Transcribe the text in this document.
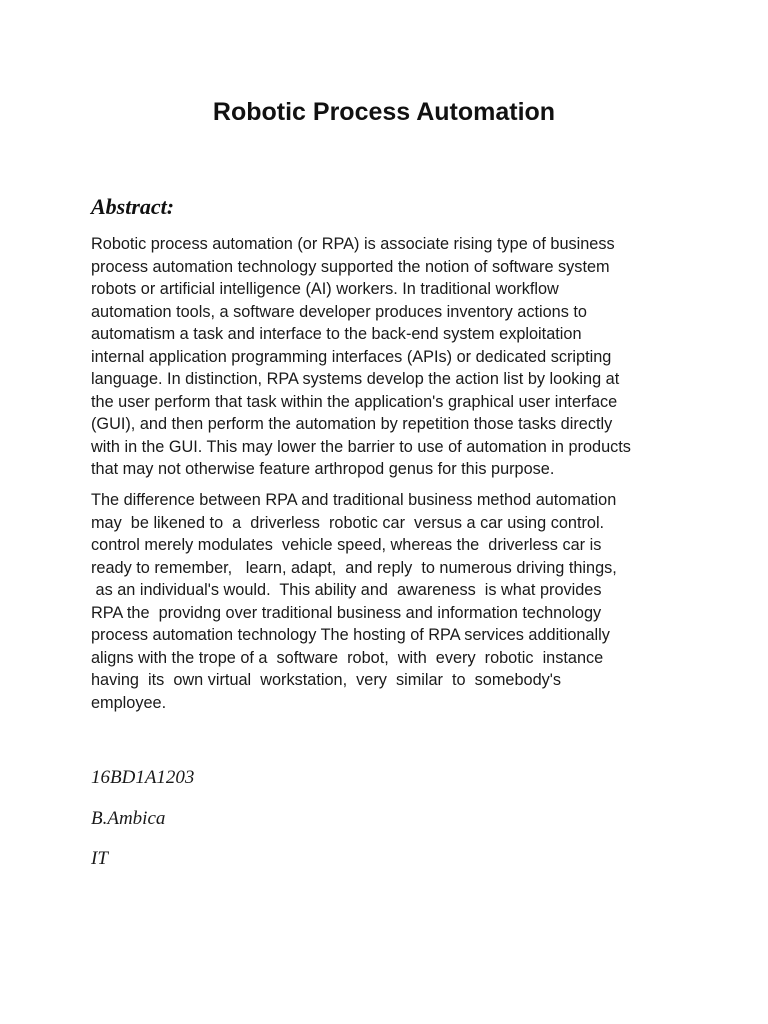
Robotic Process Automation
Abstract:

Robotic process automation (or RPA) is associate rising type of business
process automation technology supported the notion of software system
robots or artificial intelligence (AI) workers. In traditional workflow
automation tools, a software developer produces inventory actions to
automatism a task and interface to the back-end system exploitation
internal application programming interfaces (APIs) or dedicated scripting
language. In distinction, RPA systems develop the action list by looking at
the user perform that task within the application's graphical user interface
(GUI), and then perform the automation by repetition those tasks directly
with in the GUI. This may lower the barrier to use of automation in products
that may not otherwise feature arthropod genus for this purpose.

The difference between RPA and traditional business method automation
may  be likened to  a  driverless  robotic car  versus a car using control.
control merely modulates  vehicle speed, whereas the  driverless car is
ready to remember,   learn, adapt,  and reply  to numerous driving things,
as an individual's would.  This ability and  awareness  is what provides
RPA the  providng over traditional business and information technology
process automation technology The hosting of RPA services additionally
aligns with the trope of a  software  robot,  with  every  robotic  instance
having  its  own virtual  workstation,  very  similar  to  somebody's
employee.

16BD1A1203

B.Ambica

IT
